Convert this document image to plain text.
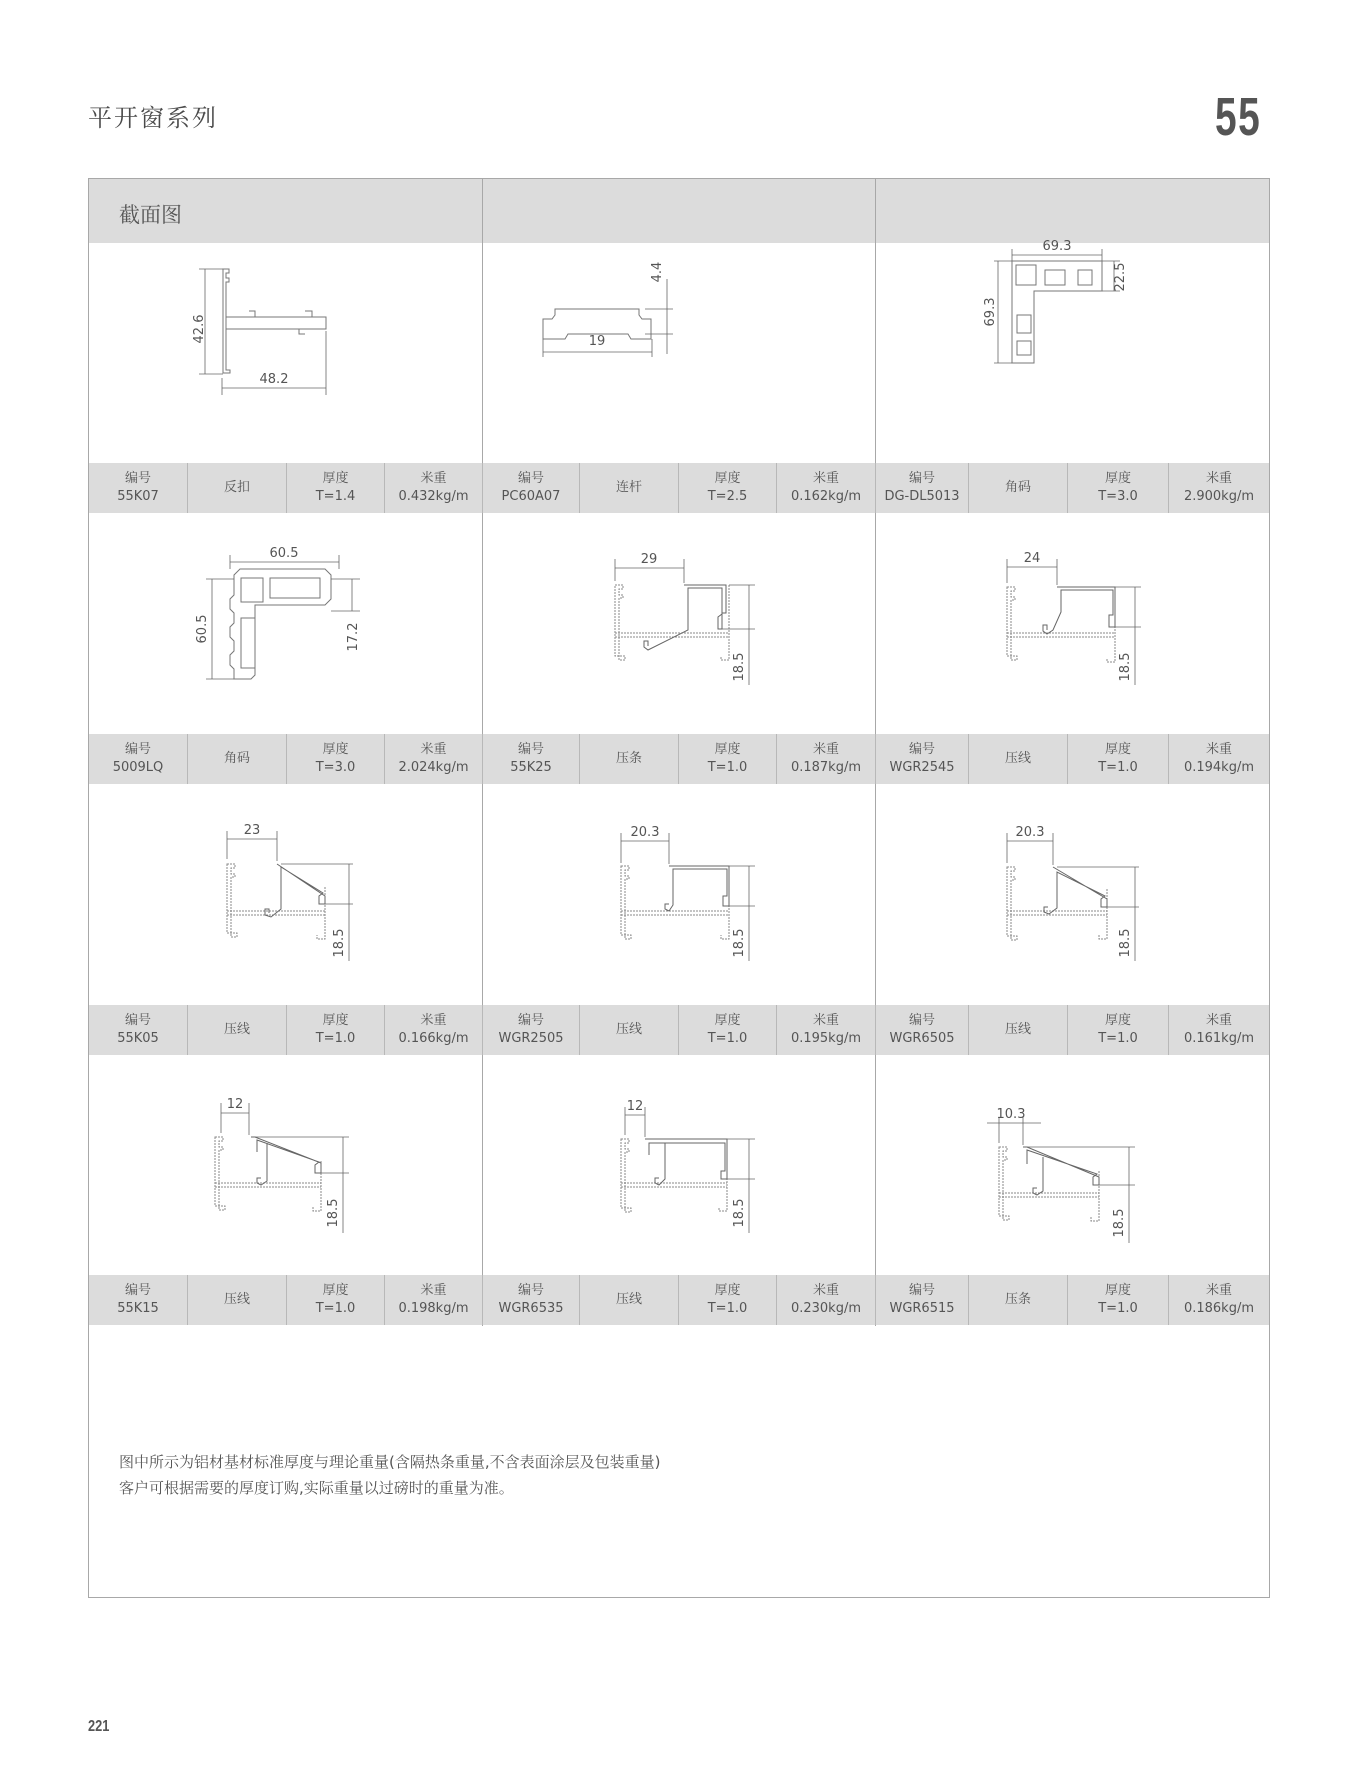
平开窗系列	55
截面图
42.6
48.2
4.4
19
69.3
69.3
22.5
编号
55K07
反扣
厚度
T=1.4
米重
0.432kg/m
编号
PC60A07
连杆
厚度
T=2.5
米重
0.162kg/m
编号
DG-DL5013
角码
厚度
T=3.0
米重
2.900kg/m
60.5
60.5	17.2
29
18.5
24
18.5
编号
5009LQ
角码
厚度
T=3.0
米重
2.024kg/m
编号
55K25
压条
厚度
T=1.0
米重
0.187kg/m
编号
WGR2545
压线
厚度
T=1.0
米重
0.194kg/m
23
18.5
20.3
18.5
20.3
18.5
编号
55K05
压线
厚度
T=1.0
米重
0.166kg/m
编号
WGR2505
压线
厚度
T=1.0
米重
0.195kg/m
编号
WGR6505
压线
厚度
T=1.0
米重
0.161kg/m
12
18.5
12
18.5
10.3
18.5
编号
55K15
压线
厚度
T=1.0
米重
0.198kg/m
编号
WGR6535
压线
厚度
T=1.0
米重
0.230kg/m
编号
WGR6515
压条
厚度
T=1.0
米重
0.186kg/m
图中所示为铝材基材标准厚度与理论重量(含隔热条重量,不含表面涂层及包装重量)
客户可根据需要的厚度订购,实际重量以过磅时的重量为准。
221
